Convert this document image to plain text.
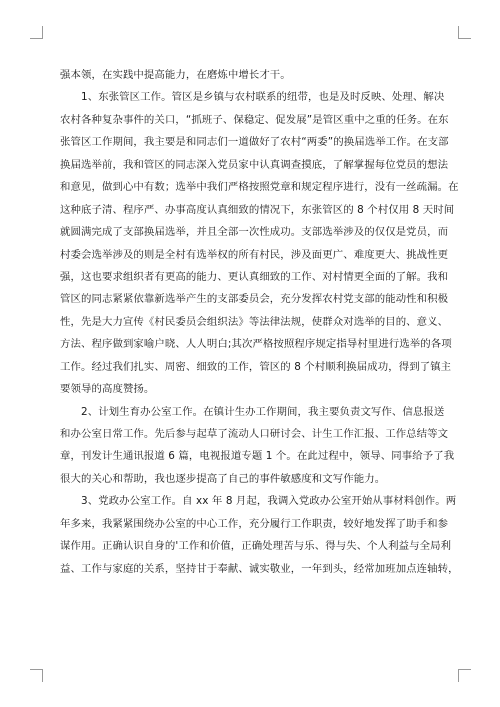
强本领，在实践中提高能力，在磨炼中增长才干。
1、东张管区工作。管区是乡镇与农村联系的纽带，也是及时反映、处理、解决
农村各种复杂事件的关口，“抓班子、保稳定、促发展”是管区重中之重的任务。在东
张管区工作期间，我主要是和同志们一道做好了农村“两委”的换届选举工作。在支部
换届选举前，我和管区的同志深入党员家中认真调查摸底，了解掌握每位党员的想法
和意见，做到心中有数；选举中我们严格按照党章和规定程序进行，没有一丝疏漏。在
这种底子清、程序严、办事高度认真细致的情况下，东张管区的 8 个村仅用 8 天时间
就圆满完成了支部换届选举，并且全部一次性成功。支部选举涉及的仅仅是党员，而
村委会选举涉及的则是全村有选举权的所有村民，涉及面更广、难度更大、挑战性更
强，这也要求组织者有更高的能力、更认真细致的工作、对村情更全面的了解。我和
管区的同志紧紧依靠新选举产生的支部委员会，充分发挥农村党支部的能动性和积极
性，先是大力宣传《村民委员会组织法》等法律法规，使群众对选举的目的、意义、
方法、程序做到家喻户晓、人人明白;其次严格按照程序规定指导村里进行选举的各项
工作。经过我们扎实、周密、细致的工作，管区的 8 个村顺利换届成功，得到了镇主
要领导的高度赞扬。
2、计划生育办公室工作。在镇计生办工作期间，我主要负责文写作、信息报送
和办公室日常工作。先后参与起草了流动人口研讨会、计生工作汇报、工作总结等文
章，刊发计生通讯报道 6 篇，电视报道专题 1 个。在此过程中，领导、同事给予了我
很大的关心和帮助，我也逐步提高了自己的事件敏感度和文写作能力。
3、党政办公室工作。自 xx 年 8 月起，我调入党政办公室开始从事材料创作。两
年多来，我紧紧围绕办公室的中心工作，充分履行工作职责，较好地发挥了助手和参
谋作用。正确认识自身的'工作和价值，正确处理苦与乐、得与失、个人利益与全局利
益、工作与家庭的关系，坚持甘于奉献、诚实敬业，一年到头，经常加班加点连轴转，
